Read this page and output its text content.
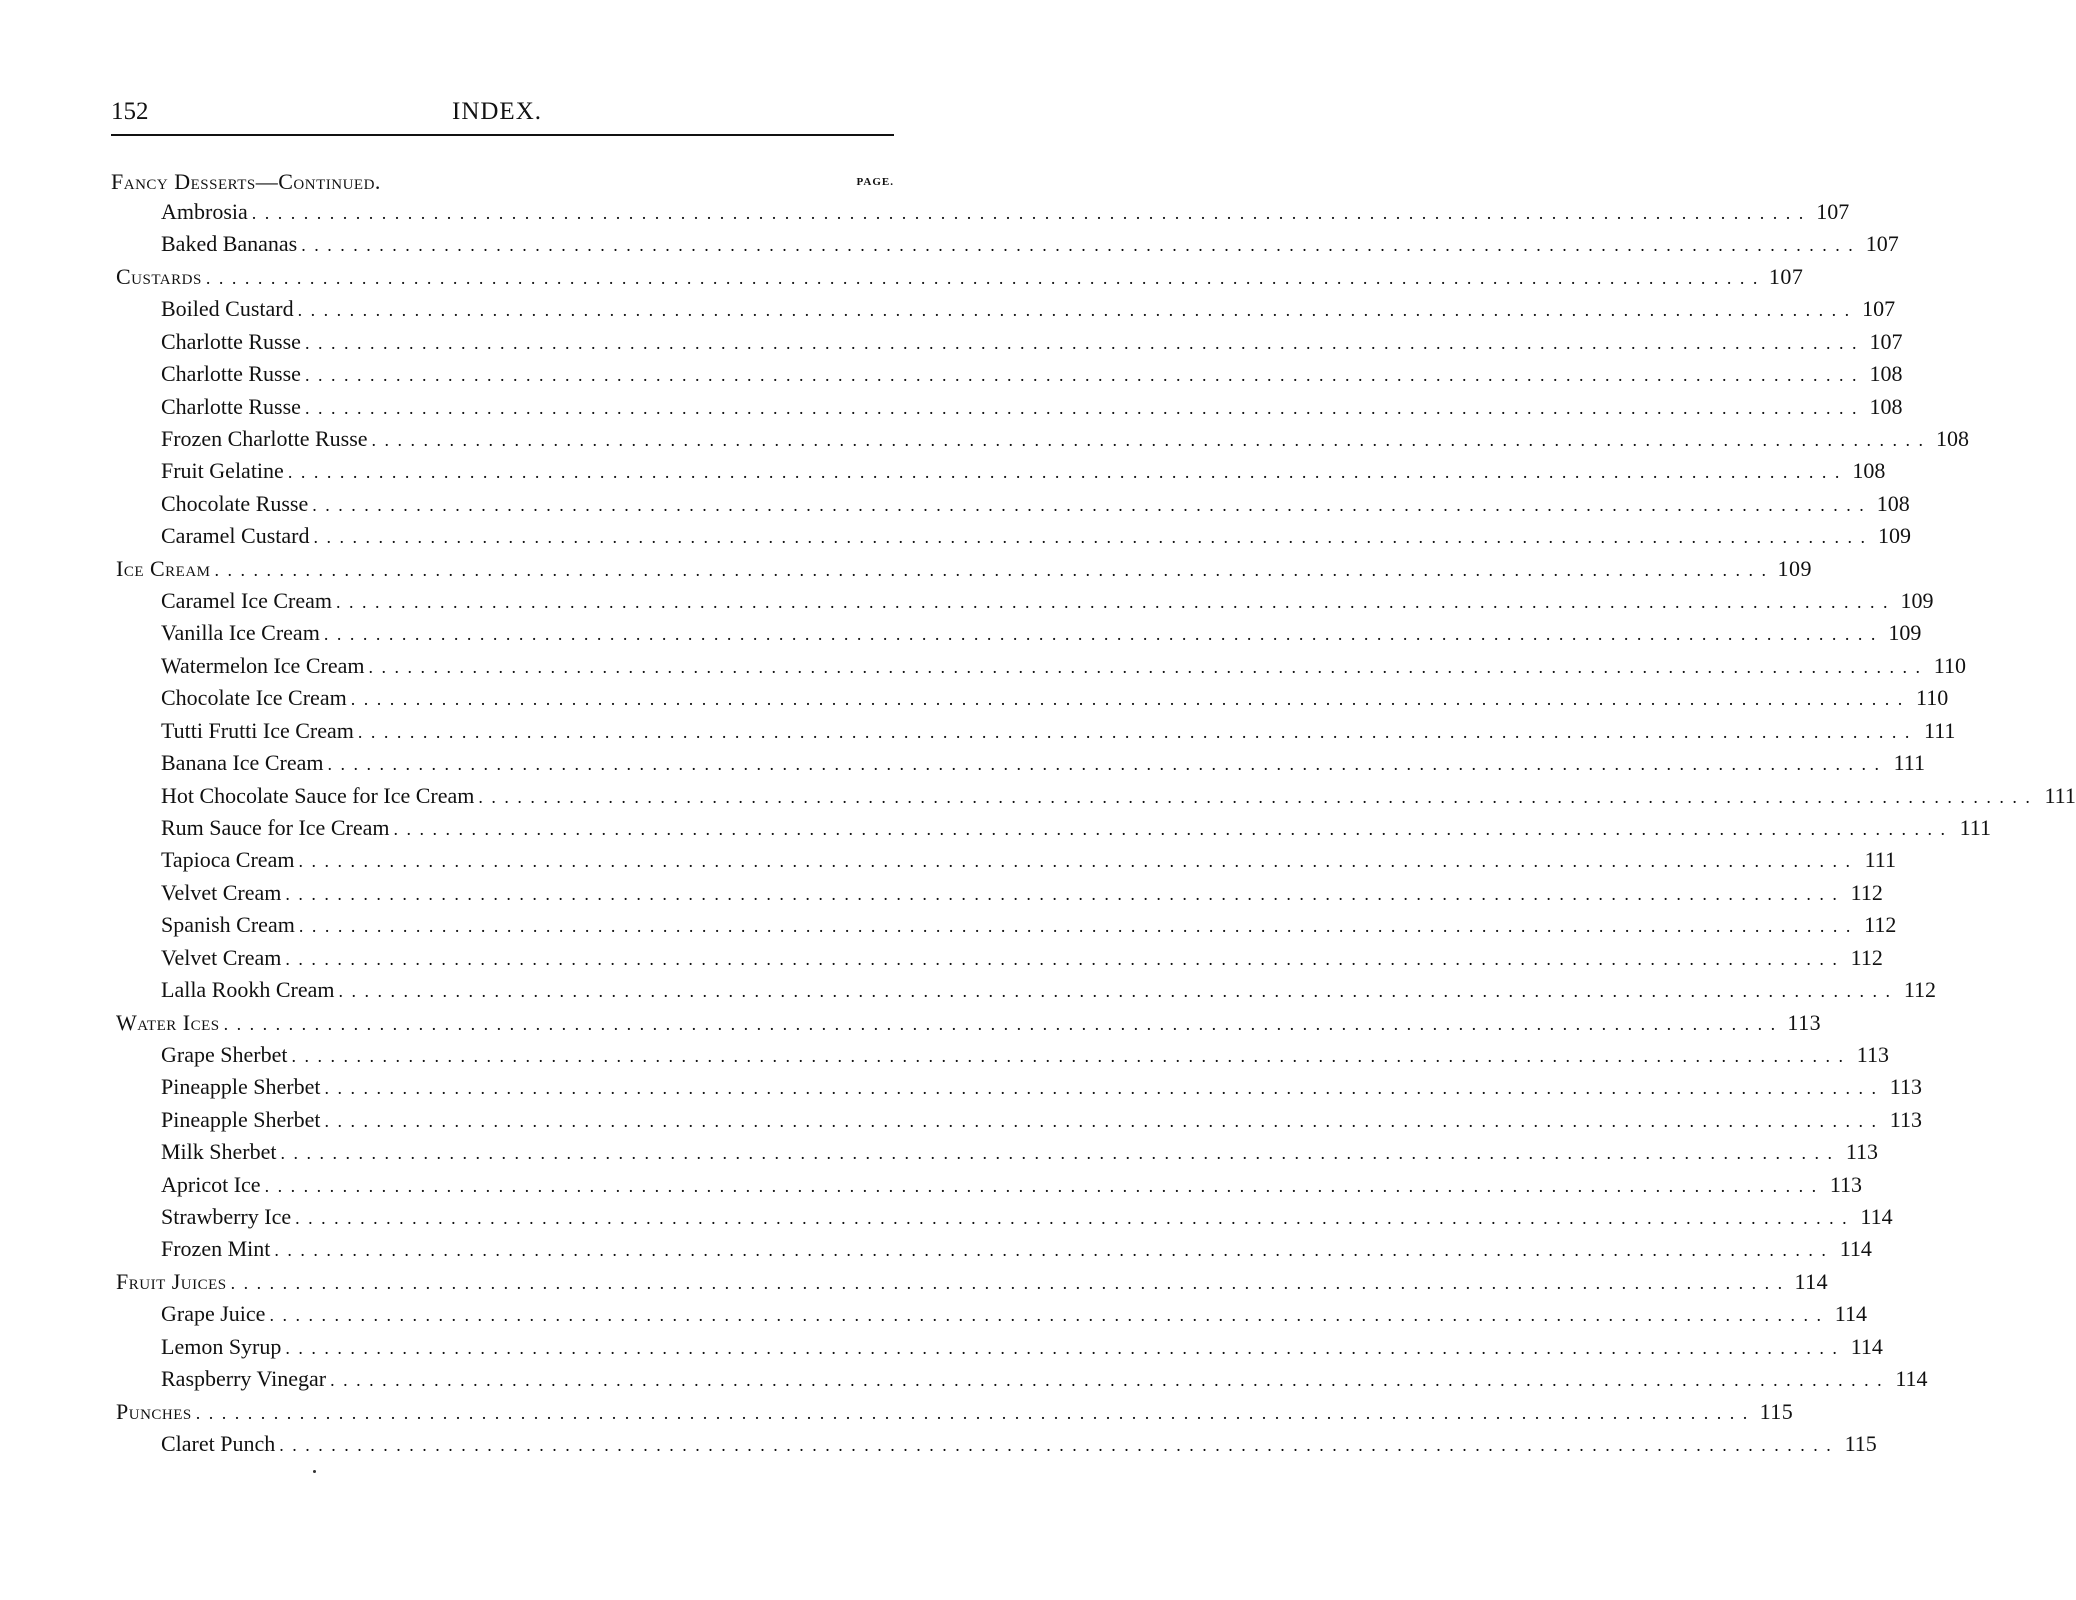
152	INDEX.
Fancy Desserts—Continued.	PAGE.
Ambrosia . . . . . . . . . . . . . . . . . . . . . . . . . . . . . . . . . . . . . . . . . . . . . . . . . . . . . . . . . . . . . . . . . . . . . . . . . . . . . . . . . . . . . . . . . . . . . . . . . . . . . . . . . . . . . . . . . . . . . . . . 107
Baked Bananas . . . . . . . . . . . . . . . . . . . . . . . . . . . . . . . . . . . . . . . . . . . . . . . . . . . . . . . . . . . . . . . . . . . . . . . . . . . . . . . . . . . . . . . . . . . . . . . . . . . . . . . . . . . . . . . . . . . . . . . . 107
Custards . . . . . . . . . . . . . . . . . . . . . . . . . . . . . . . . . . . . . . . . . . . . . . . . . . . . . . . . . . . . . . . . . . . . . . . . . . . . . . . . . . . . . . . . . . . . . . . . . . . . . . . . . . . . . . . . . . . . . . . . 107
Boiled Custard . . . . . . . . . . . . . . . . . . . . . . . . . . . . . . . . . . . . . . . . . . . . . . . . . . . . . . . . . . . . . . . . . . . . . . . . . . . . . . . . . . . . . . . . . . . . . . . . . . . . . . . . . . . . . . . . . . . . . . . . 107
Charlotte Russe . . . . . . . . . . . . . . . . . . . . . . . . . . . . . . . . . . . . . . . . . . . . . . . . . . . . . . . . . . . . . . . . . . . . . . . . . . . . . . . . . . . . . . . . . . . . . . . . . . . . . . . . . . . . . . . . . . . . . . . . 107
Charlotte Russe . . . . . . . . . . . . . . . . . . . . . . . . . . . . . . . . . . . . . . . . . . . . . . . . . . . . . . . . . . . . . . . . . . . . . . . . . . . . . . . . . . . . . . . . . . . . . . . . . . . . . . . . . . . . . . . . . . . . . . . . 108
Charlotte Russe . . . . . . . . . . . . . . . . . . . . . . . . . . . . . . . . . . . . . . . . . . . . . . . . . . . . . . . . . . . . . . . . . . . . . . . . . . . . . . . . . . . . . . . . . . . . . . . . . . . . . . . . . . . . . . . . . . . . . . . . 108
Frozen Charlotte Russe . . . . . . . . . . . . . . . . . . . . . . . . . . . . . . . . . . . . . . . . . . . . . . . . . . . . . . . . . . . . . . . . . . . . . . . . . . . . . . . . . . . . . . . . . . . . . . . . . . . . . . . . . . . . . . . . . . . . . . . . 108
Fruit Gelatine . . . . . . . . . . . . . . . . . . . . . . . . . . . . . . . . . . . . . . . . . . . . . . . . . . . . . . . . . . . . . . . . . . . . . . . . . . . . . . . . . . . . . . . . . . . . . . . . . . . . . . . . . . . . . . . . . . . . . . . . 108
Chocolate Russe . . . . . . . . . . . . . . . . . . . . . . . . . . . . . . . . . . . . . . . . . . . . . . . . . . . . . . . . . . . . . . . . . . . . . . . . . . . . . . . . . . . . . . . . . . . . . . . . . . . . . . . . . . . . . . . . . . . . . . . . 108
Caramel Custard . . . . . . . . . . . . . . . . . . . . . . . . . . . . . . . . . . . . . . . . . . . . . . . . . . . . . . . . . . . . . . . . . . . . . . . . . . . . . . . . . . . . . . . . . . . . . . . . . . . . . . . . . . . . . . . . . . . . . . . . 109
Ice Cream . . . . . . . . . . . . . . . . . . . . . . . . . . . . . . . . . . . . . . . . . . . . . . . . . . . . . . . . . . . . . . . . . . . . . . . . . . . . . . . . . . . . . . . . . . . . . . . . . . . . . . . . . . . . . . . . . . . . . . . . 109
Caramel Ice Cream . . . . . . . . . . . . . . . . . . . . . . . . . . . . . . . . . . . . . . . . . . . . . . . . . . . . . . . . . . . . . . . . . . . . . . . . . . . . . . . . . . . . . . . . . . . . . . . . . . . . . . . . . . . . . . . . . . . . . . . . 109
Vanilla Ice Cream . . . . . . . . . . . . . . . . . . . . . . . . . . . . . . . . . . . . . . . . . . . . . . . . . . . . . . . . . . . . . . . . . . . . . . . . . . . . . . . . . . . . . . . . . . . . . . . . . . . . . . . . . . . . . . . . . . . . . . . . 109
Watermelon Ice Cream . . . . . . . . . . . . . . . . . . . . . . . . . . . . . . . . . . . . . . . . . . . . . . . . . . . . . . . . . . . . . . . . . . . . . . . . . . . . . . . . . . . . . . . . . . . . . . . . . . . . . . . . . . . . . . . . . . . . . . . . 110
Chocolate Ice Cream . . . . . . . . . . . . . . . . . . . . . . . . . . . . . . . . . . . . . . . . . . . . . . . . . . . . . . . . . . . . . . . . . . . . . . . . . . . . . . . . . . . . . . . . . . . . . . . . . . . . . . . . . . . . . . . . . . . . . . . . 110
Tutti Frutti Ice Cream . . . . . . . . . . . . . . . . . . . . . . . . . . . . . . . . . . . . . . . . . . . . . . . . . . . . . . . . . . . . . . . . . . . . . . . . . . . . . . . . . . . . . . . . . . . . . . . . . . . . . . . . . . . . . . . . . . . . . . . . 111
Banana Ice Cream . . . . . . . . . . . . . . . . . . . . . . . . . . . . . . . . . . . . . . . . . . . . . . . . . . . . . . . . . . . . . . . . . . . . . . . . . . . . . . . . . . . . . . . . . . . . . . . . . . . . . . . . . . . . . . . . . . . . . . . . 111
Hot Chocolate Sauce for Ice Cream . . . . . . . . . . . . . . . . . . . . . . . . . . . . . . . . . . . . . . . . . . . . . . . . . . . . . . . . . . . . . . . . . . . . . . . . . . . . . . . . . . . . . . . . . . . . . . . . . . . . . . . . . . . . . . . . . . . . . . . . 111
Rum Sauce for Ice Cream . . . . . . . . . . . . . . . . . . . . . . . . . . . . . . . . . . . . . . . . . . . . . . . . . . . . . . . . . . . . . . . . . . . . . . . . . . . . . . . . . . . . . . . . . . . . . . . . . . . . . . . . . . . . . . . . . . . . . . . . 111
Tapioca Cream . . . . . . . . . . . . . . . . . . . . . . . . . . . . . . . . . . . . . . . . . . . . . . . . . . . . . . . . . . . . . . . . . . . . . . . . . . . . . . . . . . . . . . . . . . . . . . . . . . . . . . . . . . . . . . . . . . . . . . . . 111
Velvet Cream . . . . . . . . . . . . . . . . . . . . . . . . . . . . . . . . . . . . . . . . . . . . . . . . . . . . . . . . . . . . . . . . . . . . . . . . . . . . . . . . . . . . . . . . . . . . . . . . . . . . . . . . . . . . . . . . . . . . . . . . 112
Spanish Cream . . . . . . . . . . . . . . . . . . . . . . . . . . . . . . . . . . . . . . . . . . . . . . . . . . . . . . . . . . . . . . . . . . . . . . . . . . . . . . . . . . . . . . . . . . . . . . . . . . . . . . . . . . . . . . . . . . . . . . . . 112
Velvet Cream . . . . . . . . . . . . . . . . . . . . . . . . . . . . . . . . . . . . . . . . . . . . . . . . . . . . . . . . . . . . . . . . . . . . . . . . . . . . . . . . . . . . . . . . . . . . . . . . . . . . . . . . . . . . . . . . . . . . . . . . 112
Lalla Rookh Cream . . . . . . . . . . . . . . . . . . . . . . . . . . . . . . . . . . . . . . . . . . . . . . . . . . . . . . . . . . . . . . . . . . . . . . . . . . . . . . . . . . . . . . . . . . . . . . . . . . . . . . . . . . . . . . . . . . . . . . . . 112
Water Ices . . . . . . . . . . . . . . . . . . . . . . . . . . . . . . . . . . . . . . . . . . . . . . . . . . . . . . . . . . . . . . . . . . . . . . . . . . . . . . . . . . . . . . . . . . . . . . . . . . . . . . . . . . . . . . . . . . . . . . . . 113
Grape Sherbet . . . . . . . . . . . . . . . . . . . . . . . . . . . . . . . . . . . . . . . . . . . . . . . . . . . . . . . . . . . . . . . . . . . . . . . . . . . . . . . . . . . . . . . . . . . . . . . . . . . . . . . . . . . . . . . . . . . . . . . . 113
Pineapple Sherbet . . . . . . . . . . . . . . . . . . . . . . . . . . . . . . . . . . . . . . . . . . . . . . . . . . . . . . . . . . . . . . . . . . . . . . . . . . . . . . . . . . . . . . . . . . . . . . . . . . . . . . . . . . . . . . . . . . . . . . . . 113
Pineapple Sherbet . . . . . . . . . . . . . . . . . . . . . . . . . . . . . . . . . . . . . . . . . . . . . . . . . . . . . . . . . . . . . . . . . . . . . . . . . . . . . . . . . . . . . . . . . . . . . . . . . . . . . . . . . . . . . . . . . . . . . . . . 113
Milk Sherbet . . . . . . . . . . . . . . . . . . . . . . . . . . . . . . . . . . . . . . . . . . . . . . . . . . . . . . . . . . . . . . . . . . . . . . . . . . . . . . . . . . . . . . . . . . . . . . . . . . . . . . . . . . . . . . . . . . . . . . . . 113
Apricot Ice . . . . . . . . . . . . . . . . . . . . . . . . . . . . . . . . . . . . . . . . . . . . . . . . . . . . . . . . . . . . . . . . . . . . . . . . . . . . . . . . . . . . . . . . . . . . . . . . . . . . . . . . . . . . . . . . . . . . . . . . 113
Strawberry Ice . . . . . . . . . . . . . . . . . . . . . . . . . . . . . . . . . . . . . . . . . . . . . . . . . . . . . . . . . . . . . . . . . . . . . . . . . . . . . . . . . . . . . . . . . . . . . . . . . . . . . . . . . . . . . . . . . . . . . . . . 114
Frozen Mint . . . . . . . . . . . . . . . . . . . . . . . . . . . . . . . . . . . . . . . . . . . . . . . . . . . . . . . . . . . . . . . . . . . . . . . . . . . . . . . . . . . . . . . . . . . . . . . . . . . . . . . . . . . . . . . . . . . . . . . . 114
Fruit Juices . . . . . . . . . . . . . . . . . . . . . . . . . . . . . . . . . . . . . . . . . . . . . . . . . . . . . . . . . . . . . . . . . . . . . . . . . . . . . . . . . . . . . . . . . . . . . . . . . . . . . . . . . . . . . . . . . . . . . . . . 114
Grape Juice . . . . . . . . . . . . . . . . . . . . . . . . . . . . . . . . . . . . . . . . . . . . . . . . . . . . . . . . . . . . . . . . . . . . . . . . . . . . . . . . . . . . . . . . . . . . . . . . . . . . . . . . . . . . . . . . . . . . . . . . 114
Lemon Syrup . . . . . . . . . . . . . . . . . . . . . . . . . . . . . . . . . . . . . . . . . . . . . . . . . . . . . . . . . . . . . . . . . . . . . . . . . . . . . . . . . . . . . . . . . . . . . . . . . . . . . . . . . . . . . . . . . . . . . . . . 114
Raspberry Vinegar . . . . . . . . . . . . . . . . . . . . . . . . . . . . . . . . . . . . . . . . . . . . . . . . . . . . . . . . . . . . . . . . . . . . . . . . . . . . . . . . . . . . . . . . . . . . . . . . . . . . . . . . . . . . . . . . . . . . . . . . 114
Punches . . . . . . . . . . . . . . . . . . . . . . . . . . . . . . . . . . . . . . . . . . . . . . . . . . . . . . . . . . . . . . . . . . . . . . . . . . . . . . . . . . . . . . . . . . . . . . . . . . . . . . . . . . . . . . . . . . . . . . . . 115
Claret Punch . . . . . . . . . . . . . . . . . . . . . . . . . . . . . . . . . . . . . . . . . . . . . . . . . . . . . . . . . . . . . . . . . . . . . . . . . . . . . . . . . . . . . . . . . . . . . . . . . . . . . . . . . . . . . . . . . . . . . . . . 115
